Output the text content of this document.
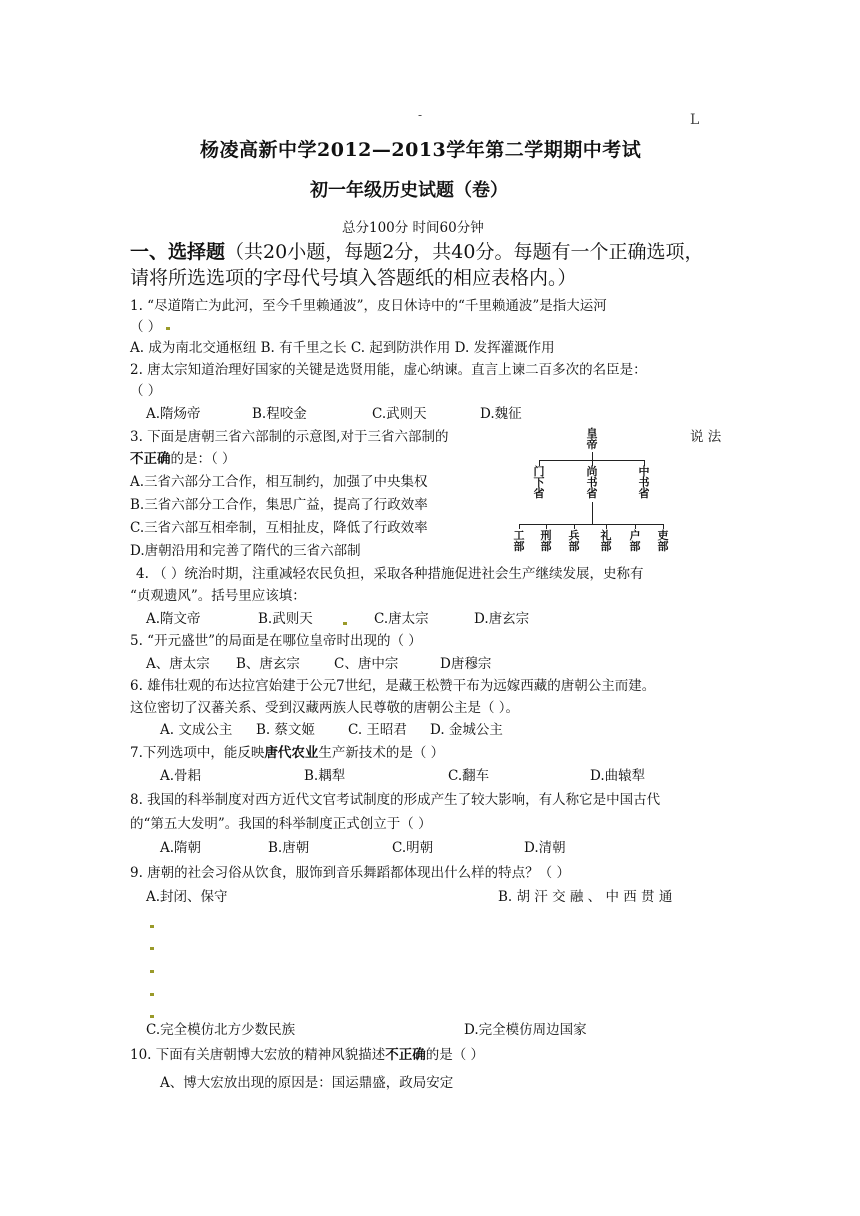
‑	L
杨凌高新中学2012—2013学年第二学期期中考试
初一年级历史试题（卷）
总分100分 时间60分钟
一、选择题（共20小题，每题2分，共40分。每题有一个正确选项，
请将所选选项的字母代号填入答题纸的相应表格内。）
1. “尽道隋亡为此河，至今千里赖通波”，皮日休诗中的“千里赖通波”是指大运河
（ ）
A. 成为南北交通枢纽 B. 有千里之长 C. 起到防洪作用 D. 发挥灌溉作用
2. 唐太宗知道治理好国家的关键是选贤用能，虚心纳谏。直言上谏二百多次的名臣是：
（ ）
A.隋炀帝	B.程咬金	C.武则天	D.魏征
3. 下面是唐朝三省六部制的示意图,对于三省六部制的	说 法
不正确的是：（ ）
A.三省六部分工合作，相互制约，加强了中央集权
B.三省六部分工合作，集思广益，提高了行政效率
C.三省六部互相牵制，互相扯皮，降低了行政效率
D.唐朝沿用和完善了隋代的三省六部制
皇帝
门下省
尚书省
中书省
工部
刑部
兵部
礼部
户部
吏部
4. （ ）统治时期，注重减轻农民负担，采取各种措施促进社会生产继续发展，史称有
“贞观遗风”。括号里应该填：
A.隋文帝	B.武则天	C.唐太宗	D.唐玄宗
5. “开元盛世”的局面是在哪位皇帝时出现的（ ）
A、唐太宗 B、唐玄宗	C、唐中宗	D唐穆宗
6. 雄伟壮观的布达拉宫始建于公元7世纪，是藏王松赞干布为远嫁西藏的唐朝公主而建。
这位密切了汉蕃关系、受到汉藏两族人民尊敬的唐朝公主是（ ）。
A. 文成公主 B. 蔡文姬 C. 王昭君 D. 金城公主
7.下列选项中，能反映唐代农业生产新技术的是（ ）
A.骨耜	B.耦犁	C.翻车	D.曲辕犁
8. 我国的科举制度对西方近代文官考试制度的形成产生了较大影响，有人称它是中国古代
的“第五大发明”。我国的科举制度正式创立于（ ）
A.隋朝	B.唐朝	C.明朝	D.清朝
9. 唐朝的社会习俗从饮食，服饰到音乐舞蹈都体现出什么样的特点？（ ）
A.封闭、保守	B. 胡 汗 交 融 、 中 西 贯 通
C.完全模仿北方少数民族	D.完全模仿周边国家
10. 下面有关唐朝博大宏放的精神风貌描述不正确的是（ ）
A、博大宏放出现的原因是：国运鼎盛，政局安定
